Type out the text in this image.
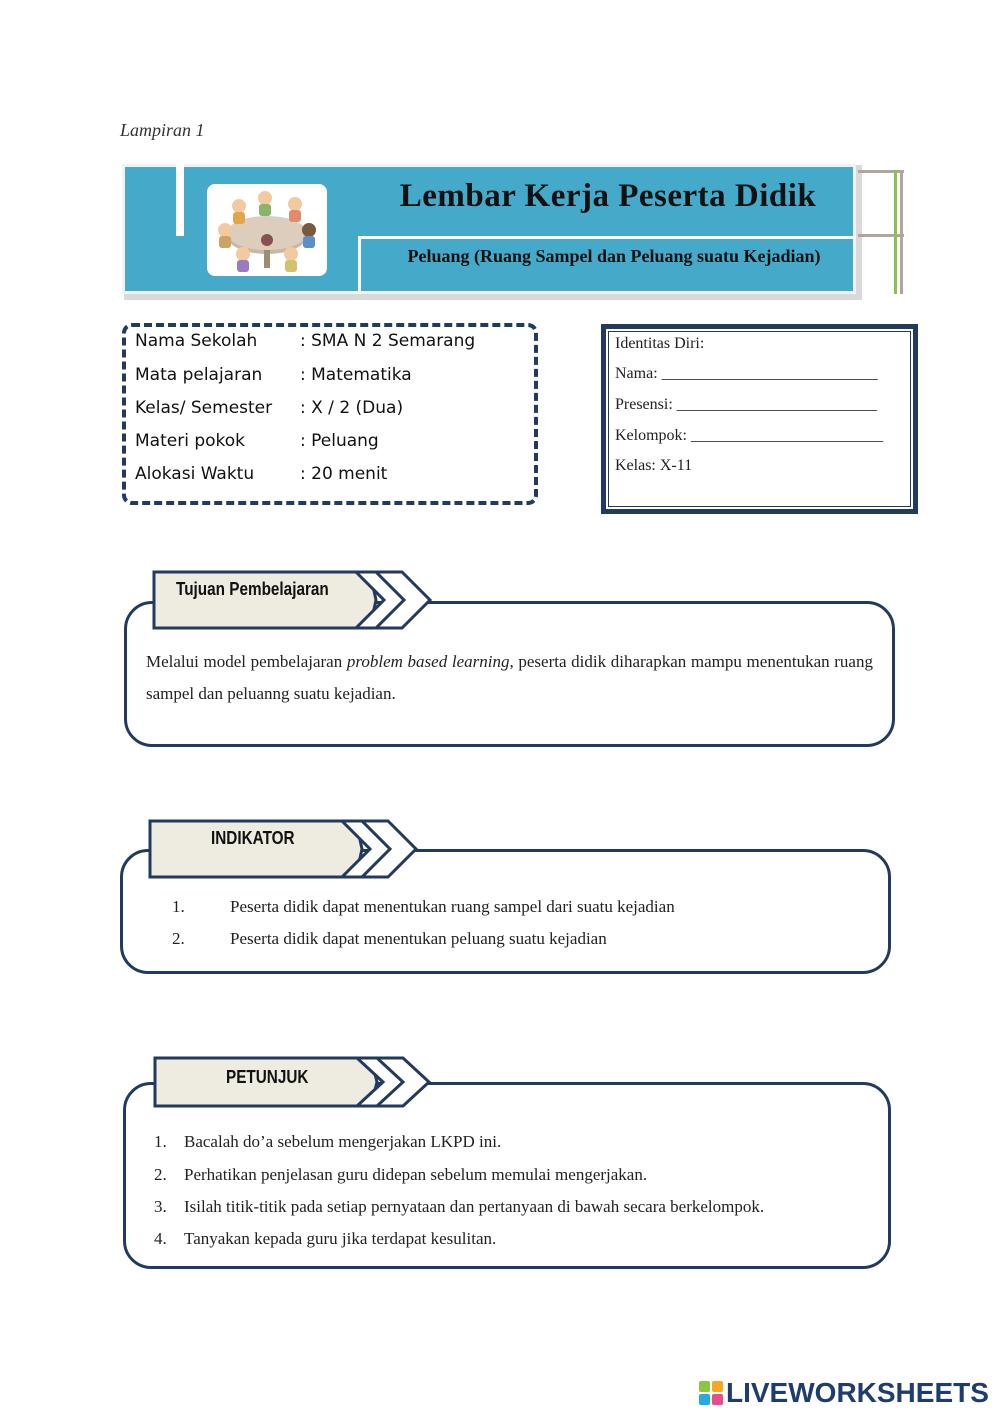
Lampiran 1
Lembar Kerja Peserta Didik
Peluang (Ruang Sampel dan Peluang suatu Kejadian)
Nama Sekolah	: SMA N 2 Semarang
Mata pelajaran : Matematika
Kelas/ Semester : X / 2 (Dua)
Materi pokok	: Peluang
Alokasi Waktu	: 20 menit
Identitas Diri:
Nama: ___________________________
Presensi: _________________________
Kelompok: ________________________
Kelas: X-11
Tujuan Pembelajaran
Melalui model pembelajaran problem based learning, peserta didik diharapkan mampu menentukan ruang sampel dan peluanng suatu kejadian.
INDIKATOR
1.	Peserta didik dapat menentukan ruang sampel dari suatu kejadian
2.	Peserta didik dapat menentukan peluang suatu kejadian
PETUNJUK
1. Bacalah do’a sebelum mengerjakan LKPD ini.
2. Perhatikan penjelasan guru didepan sebelum memulai mengerjakan.
3. Isilah titik-titik pada setiap pernyataan dan pertanyaan di bawah secara berkelompok.
4. Tanyakan kepada guru jika terdapat kesulitan.
LIVEWORKSHEETS
